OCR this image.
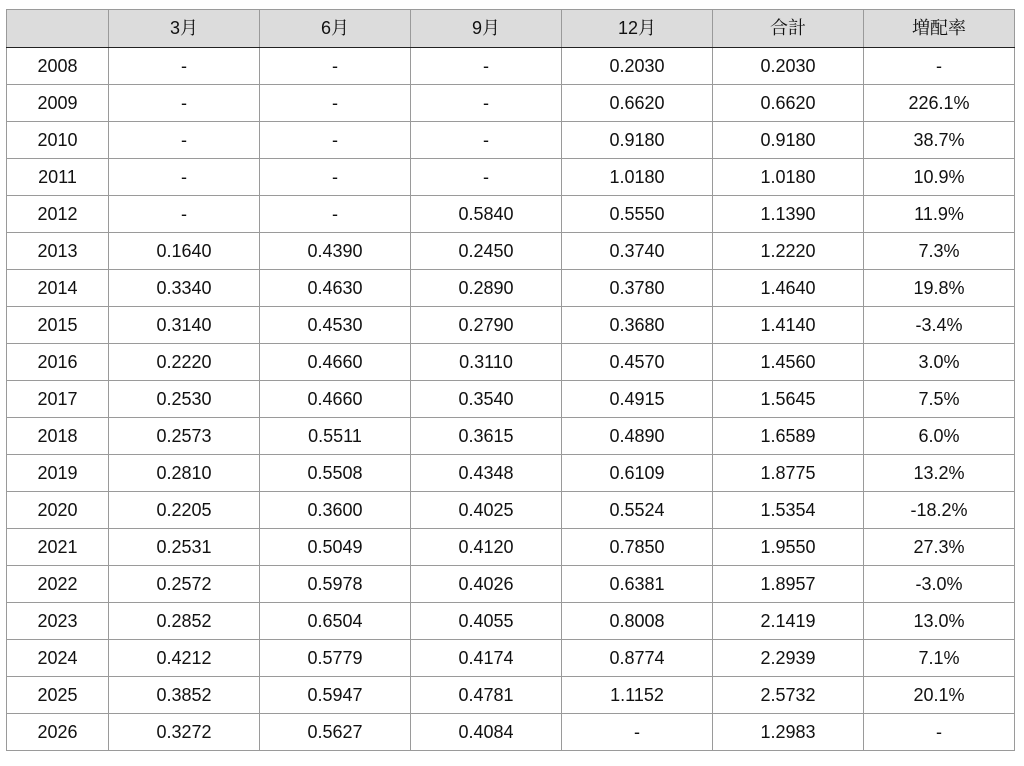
	3月	6月	9月	12月	合計	増配率
2008	-	-	-	0.2030	0.2030	-
2009	-	-	-	0.6620	0.6620	226.1%
2010	-	-	-	0.9180	0.9180	38.7%
2011	-	-	-	1.0180	1.0180	10.9%
2012	-	-	0.5840	0.5550	1.1390	11.9%
2013	0.1640	0.4390	0.2450	0.3740	1.2220	7.3%
2014	0.3340	0.4630	0.2890	0.3780	1.4640	19.8%
2015	0.3140	0.4530	0.2790	0.3680	1.4140	-3.4%
2016	0.2220	0.4660	0.3110	0.4570	1.4560	3.0%
2017	0.2530	0.4660	0.3540	0.4915	1.5645	7.5%
2018	0.2573	0.5511	0.3615	0.4890	1.6589	6.0%
2019	0.2810	0.5508	0.4348	0.6109	1.8775	13.2%
2020	0.2205	0.3600	0.4025	0.5524	1.5354	-18.2%
2021	0.2531	0.5049	0.4120	0.7850	1.9550	27.3%
2022	0.2572	0.5978	0.4026	0.6381	1.8957	-3.0%
2023	0.2852	0.6504	0.4055	0.8008	2.1419	13.0%
2024	0.4212	0.5779	0.4174	0.8774	2.2939	7.1%
2025	0.3852	0.5947	0.4781	1.1152	2.5732	20.1%
2026	0.3272	0.5627	0.4084	-	1.2983	-
